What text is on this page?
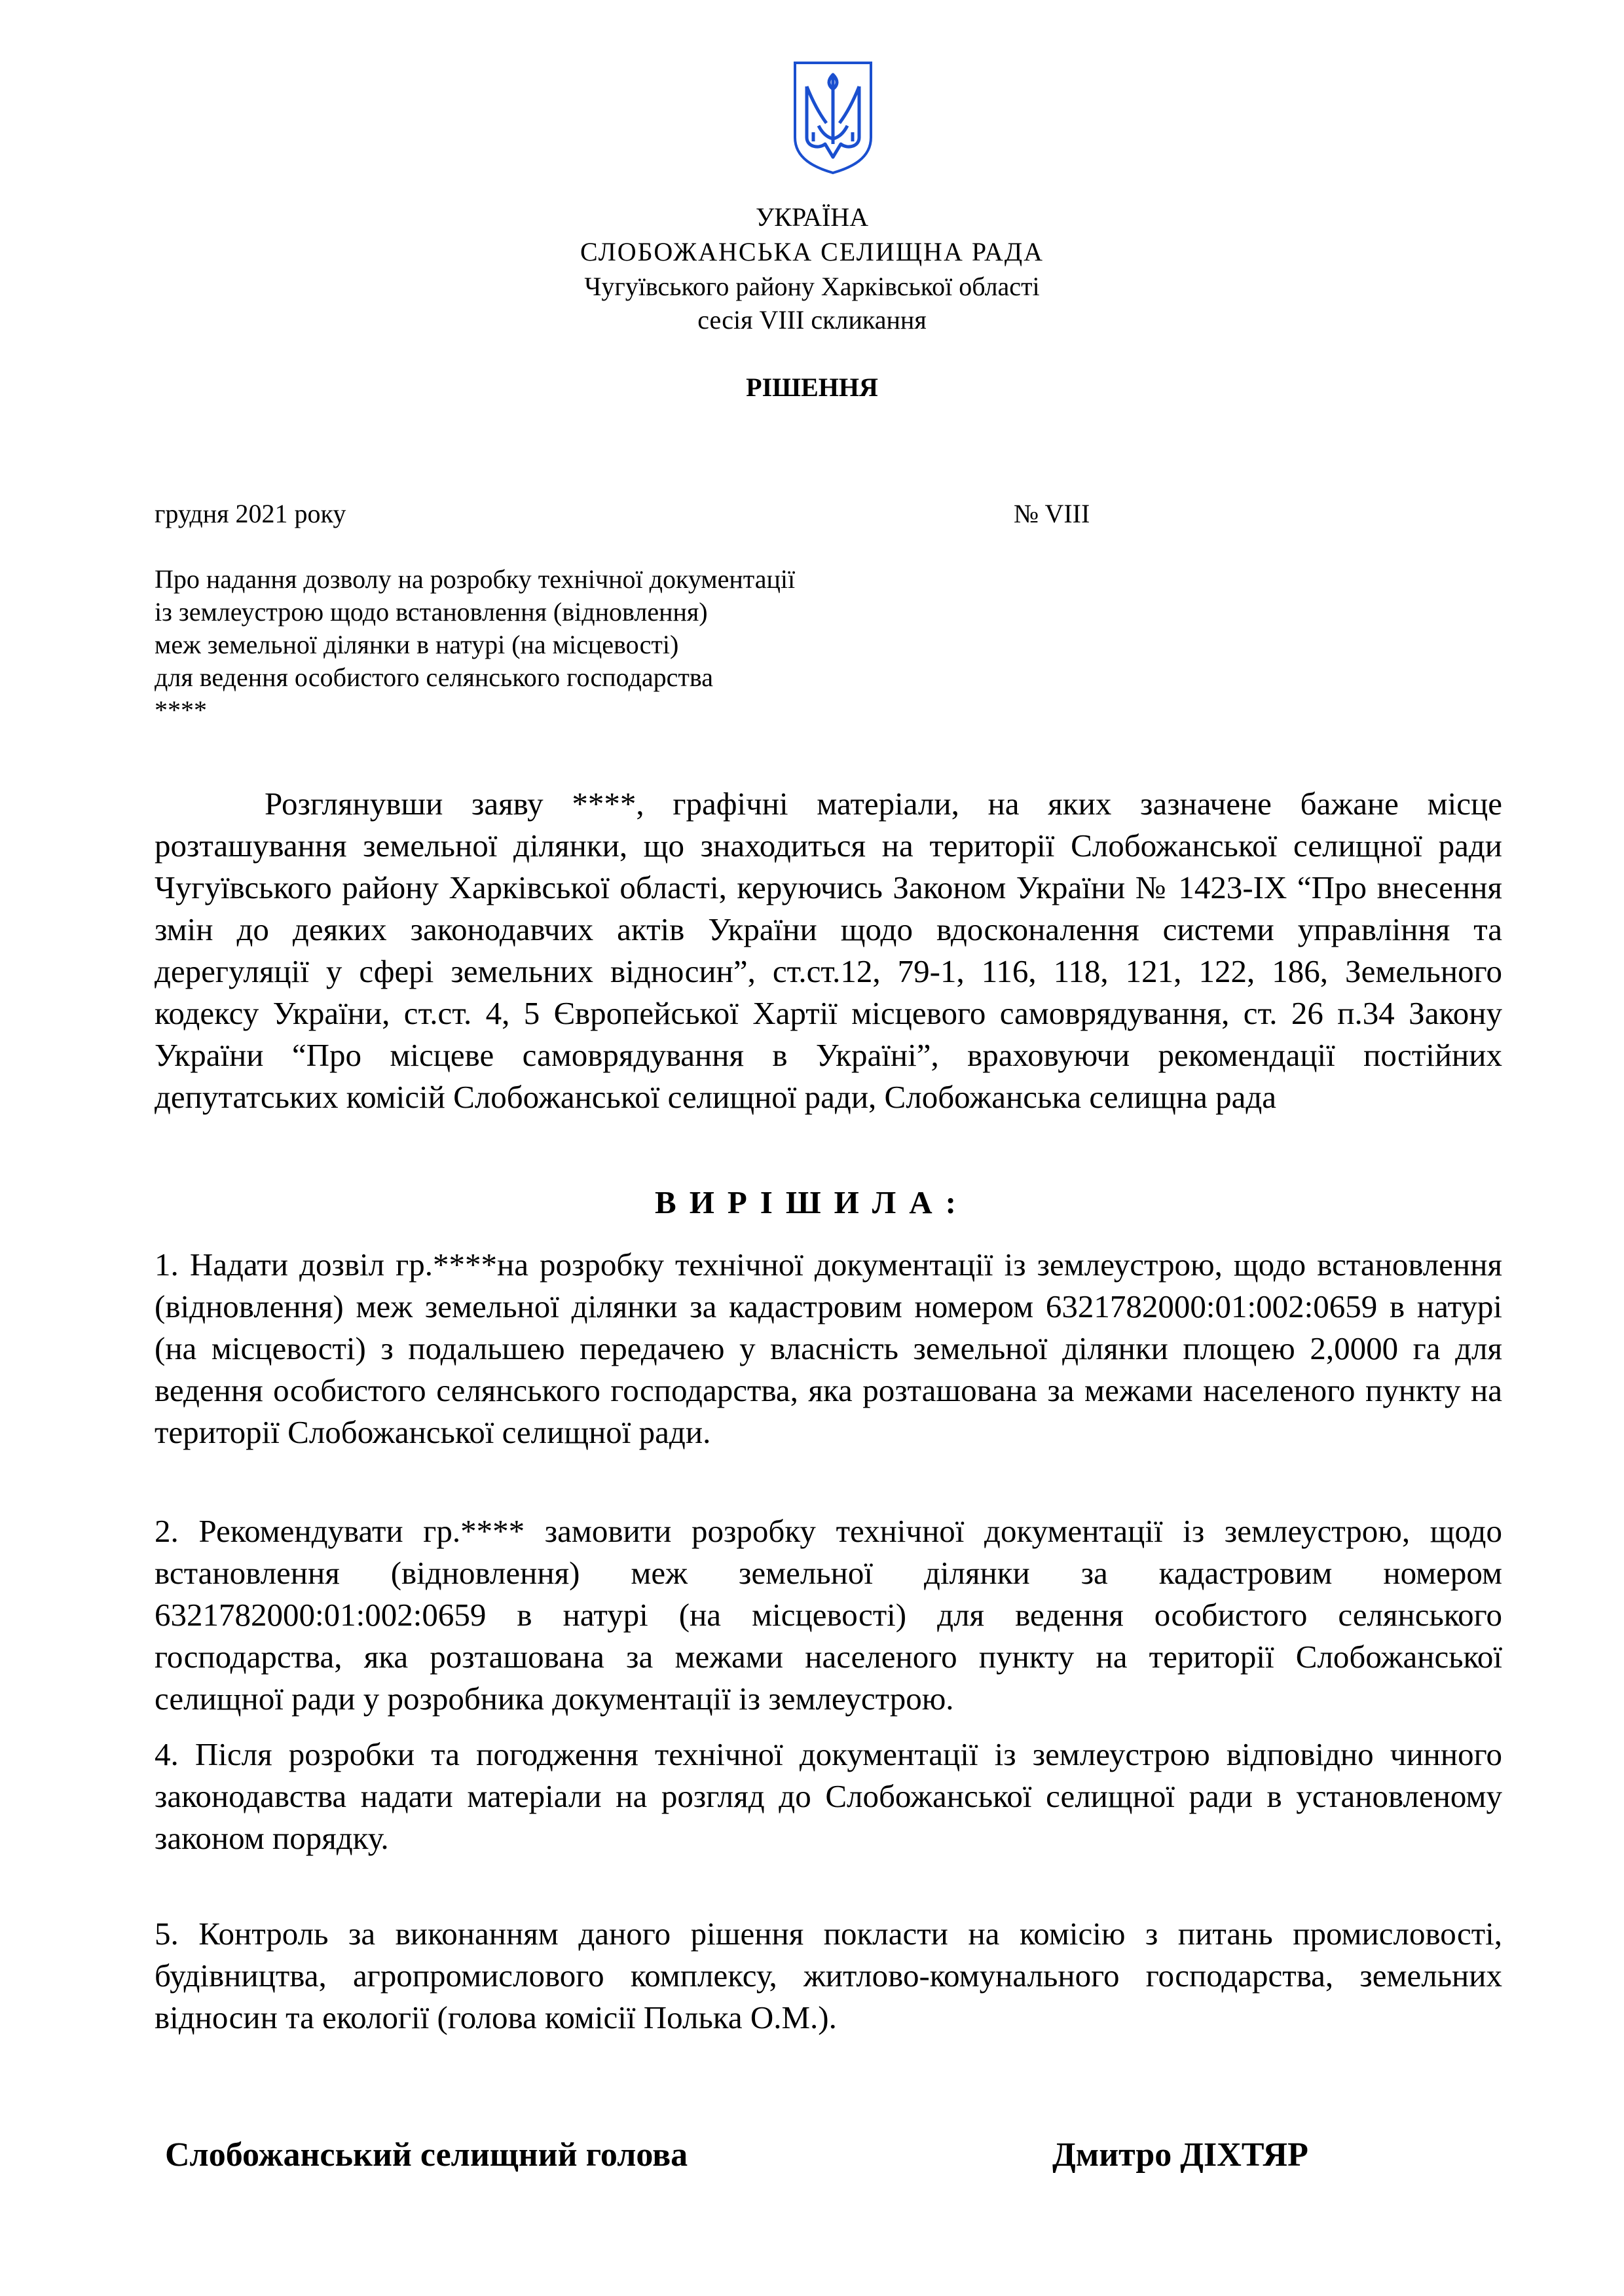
УКРАЇНА
СЛОБОЖАНСЬКА СЕЛИЩНА РАДА
Чугуївського району Харківської області
сесія VIII скликання
РІШЕННЯ
грудня 2021 року	№ VIII
Про надання дозволу на розробку технічної документації
із землеустрою щодо встановлення (відновлення)
меж земельної ділянки в натурі (на місцевості)
для ведення особистого селянського господарства
****
Розглянувши заяву ****, графічні матеріали, на яких зазначене бажане місце розташування земельної ділянки, що знаходиться на території Слобожанської селищної ради Чугуївського району Харківської області, керуючись Законом України № 1423-IX “Про внесення змін до деяких законодавчих актів України щодо вдосконалення системи управління та дерегуляції у сфері земельних відносин”, ст.ст.12, 79-1, 116, 118, 121, 122, 186, Земельного кодексу України, ст.ст. 4, 5 Європейської Хартії місцевого самоврядування, ст. 26 п.34 Закону України “Про місцеве самоврядування в Україні”, враховуючи рекомендації постійних депутатських комісій Слобожанської селищної ради, Слобожанська селищна рада
ВИРІШИЛА:
1. Надати дозвіл гр.****на розробку технічної документації із землеустрою, щодо встановлення (відновлення) меж земельної ділянки за кадастровим номером 6321782000:01:002:0659 в натурі (на місцевості) з подальшею передачею у власність земельної ділянки площею 2,0000 га для ведення особистого селянського господарства, яка розташована за межами населеного пункту на території Слобожанської селищної ради.
2. Рекомендувати гр.**** замовити розробку технічної документації із землеустрою, щодо встановлення (відновлення) меж земельної ділянки за кадастровим номером 6321782000:01:002:0659 в натурі (на місцевості) для ведення особистого селянського господарства, яка розташована за межами населеного пункту на території Слобожанської селищної ради у розробника документації із землеустрою.
4. Після розробки та погодження технічної документації із землеустрою відповідно чинного законодавства надати матеріали на розгляд до Слобожанської селищної ради в установленому законом порядку.
5. Контроль за виконанням даного рішення покласти на комісію з питань промисловості, будівництва, агропромислового комплексу, житлово-комунального господарства, земельних відносин та екології (голова комісії Полька О.М.).
Слобожанський селищний голова	Дмитро ДІХТЯР
